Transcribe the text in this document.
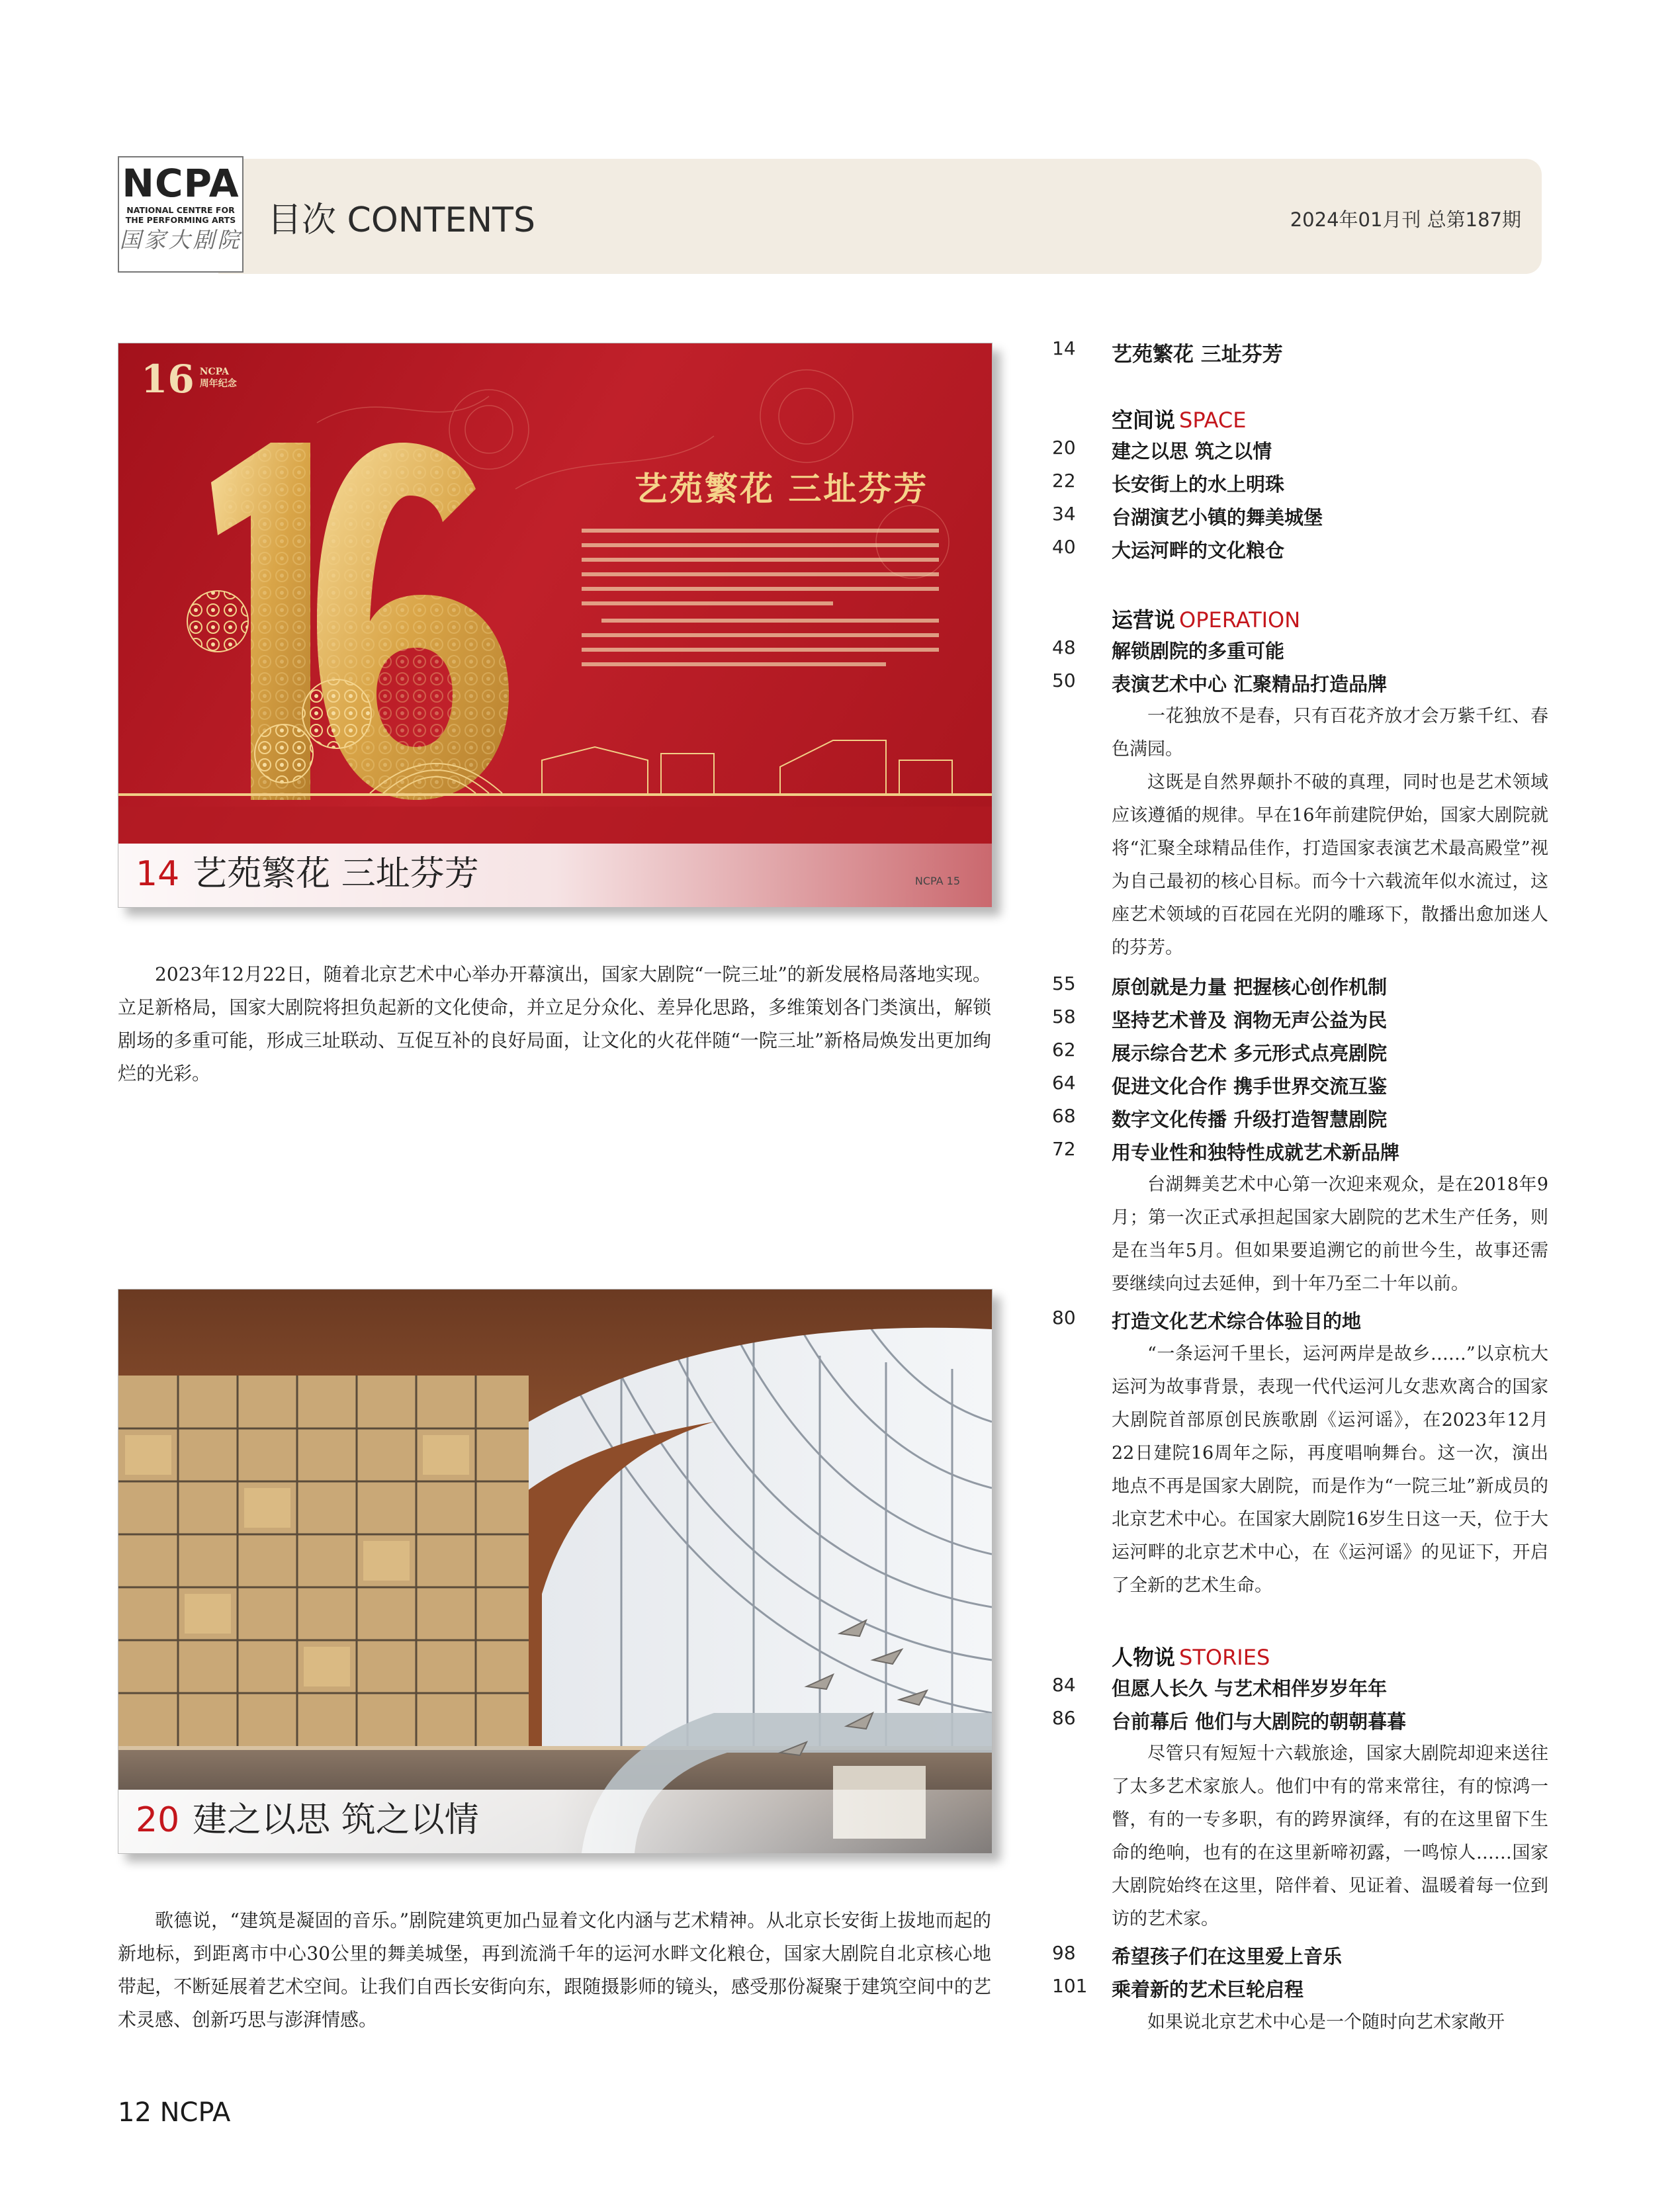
NCPA
NATIONAL CENTRE FOR
THE PERFORMING ARTS
国家大剧院 目次 CONTENTS	2024年01月刊 总第187期
16 NCPA
周年纪念
艺苑繁花 三址芬芳
14 艺苑繁花 三址芬芳	NCPA 15
2023年12月22日，随着北京艺术中心举办开幕演出，国家大剧院“一院三址”的新发展格局落地实现。立足新格局，国家大剧院将担负起新的文化使命，并立足分众化、差异化思路，多维策划各门类演出，解锁剧场的多重可能，形成三址联动、互促互补的良好局面，让文化的火花伴随“一院三址”新格局焕发出更加绚烂的光彩。
20 建之以思 筑之以情
歌德说，“建筑是凝固的音乐。”剧院建筑更加凸显着文化内涵与艺术精神。从北京长安街上拔地而起的新地标，到距离市中心30公里的舞美城堡，再到流淌千年的运河水畔文化粮仓，国家大剧院自北京核心地带起，不断延展着艺术空间。让我们自西长安街向东，跟随摄影师的镜头，感受那份凝聚于建筑空间中的艺术灵感、创新巧思与澎湃情感。
14	艺苑繁花 三址芬芳
空间说 SPACE
20	建之以思 筑之以情
22	长安街上的水上明珠
34	台湖演艺小镇的舞美城堡
40	大运河畔的文化粮仓
运营说 OPERATION
48	解锁剧院的多重可能
50	表演艺术中心 汇聚精品打造品牌
一花独放不是春，只有百花齐放才会万紫千红、春色满园。
这既是自然界颠扑不破的真理，同时也是艺术领域应该遵循的规律。早在16年前建院伊始，国家大剧院就将“汇聚全球精品佳作，打造国家表演艺术最高殿堂”视为自己最初的核心目标。而今十六载流年似水流过，这座艺术领域的百花园在光阴的雕琢下，散播出愈加迷人的芬芳。
55	原创就是力量 把握核心创作机制
58	坚持艺术普及 润物无声公益为民
62	展示综合艺术 多元形式点亮剧院
64	促进文化合作 携手世界交流互鉴
68	数字文化传播 升级打造智慧剧院
72	用专业性和独特性成就艺术新品牌
台湖舞美艺术中心第一次迎来观众，是在2018年9月；第一次正式承担起国家大剧院的艺术生产任务，则是在当年5月。但如果要追溯它的前世今生，故事还需要继续向过去延伸，到十年乃至二十年以前。
80	打造文化艺术综合体验目的地
“一条运河千里长，运河两岸是故乡……”以京杭大运河为故事背景，表现一代代运河儿女悲欢离合的国家大剧院首部原创民族歌剧《运河谣》，在2023年12月22日建院16周年之际，再度唱响舞台。这一次，演出地点不再是国家大剧院，而是作为“一院三址”新成员的北京艺术中心。在国家大剧院16岁生日这一天，位于大运河畔的北京艺术中心，在《运河谣》的见证下，开启了全新的艺术生命。
人物说 STORIES
84	但愿人长久 与艺术相伴岁岁年年
86	台前幕后 他们与大剧院的朝朝暮暮
尽管只有短短十六载旅途，国家大剧院却迎来送往了太多艺术家旅人。他们中有的常来常往，有的惊鸿一瞥，有的一专多职，有的跨界演绎，有的在这里留下生命的绝响，也有的在这里新啼初露，一鸣惊人……国家大剧院始终在这里，陪伴着、见证着、温暖着每一位到访的艺术家。
98	希望孩子们在这里爱上音乐
101 乘着新的艺术巨轮启程
如果说北京艺术中心是一个随时向艺术家敞开
12 NCPA
